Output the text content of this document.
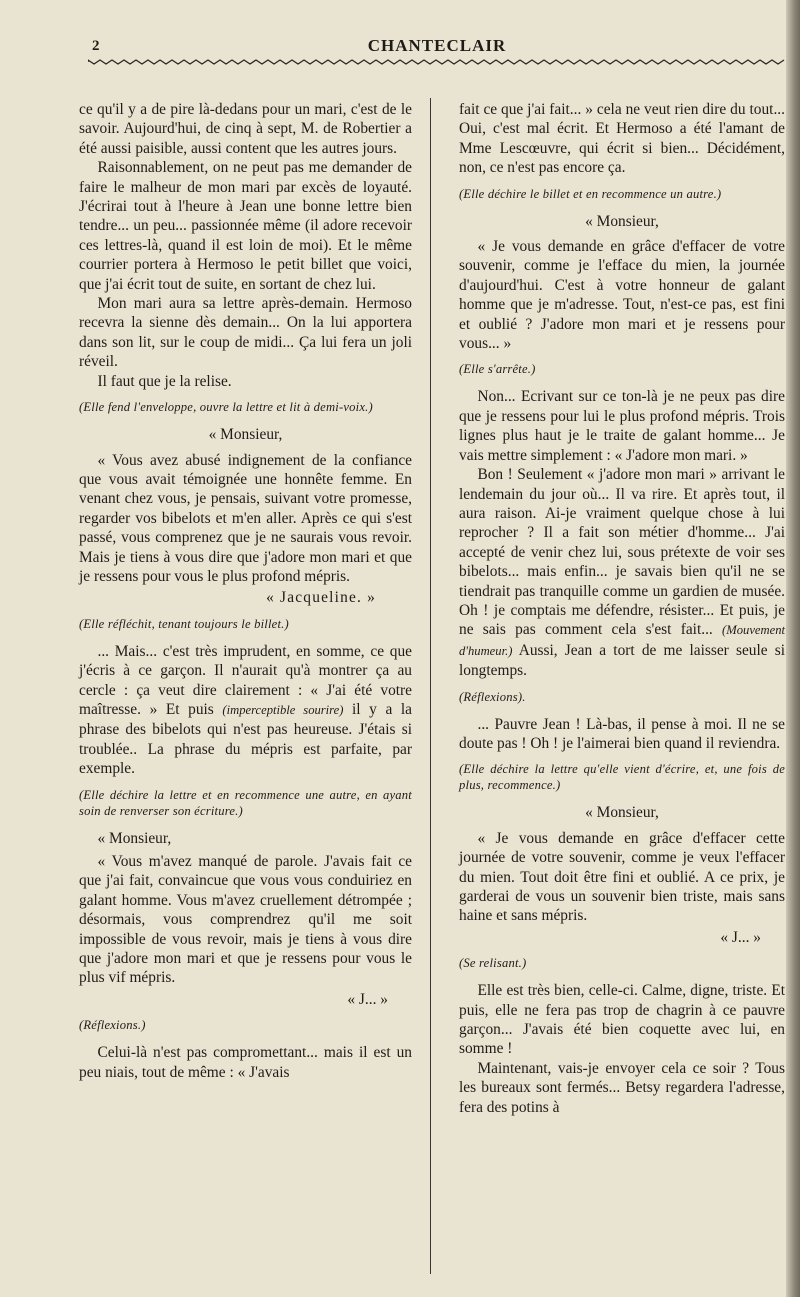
2	CHANTECLAIR

ce qu'il y a de pire là-dedans pour un mari, c'est de le savoir. Aujourd'hui, de cinq à sept, M. de Robertier a été aussi paisible, aussi content que les autres jours.

Raisonnablement, on ne peut pas me demander de faire le malheur de mon mari par excès de loyauté. J'écrirai tout à l'heure à Jean une bonne lettre bien tendre... un peu... passionnée même (il adore recevoir ces lettres-là, quand il est loin de moi). Et le même courrier portera à Hermoso le petit billet que voici, que j'ai écrit tout de suite, en sortant de chez lui.

Mon mari aura sa lettre après-demain. Hermoso recevra la sienne dès demain... On la lui apportera dans son lit, sur le coup de midi... Ça lui fera un joli réveil.

Il faut que je la relise.

(Elle fend l'enveloppe, ouvre la lettre et lit à demi-voix.)

« Monsieur,

« Vous avez abusé indignement de la confiance que vous avait témoignée une honnête femme. En venant chez vous, je pensais, suivant votre promesse, regarder vos bibelots et m'en aller. Après ce qui s'est passé, vous comprenez que je ne saurais vous revoir. Mais je tiens à vous dire que j'adore mon mari et que je ressens pour vous le plus profond mépris.

« Jacqueline. »

(Elle réfléchit, tenant toujours le billet.)

... Mais... c'est très imprudent, en somme, ce que j'écris à ce garçon. Il n'aurait qu'à montrer ça au cercle : ça veut dire clairement : « J'ai été votre maîtresse. » Et puis (imperceptible sourire) il y a la phrase des bibelots qui n'est pas heureuse. J'étais si troublée.. La phrase du mépris est parfaite, par exemple.

(Elle déchire la lettre et en recommence une autre, en ayant soin de renverser son écriture.)

« Monsieur,

« Vous m'avez manqué de parole. J'avais fait ce que j'ai fait, convaincue que vous vous conduiriez en galant homme. Vous m'avez cruellement détrompée ; désormais, vous comprendrez qu'il me soit impossible de vous revoir, mais je tiens à vous dire que j'adore mon mari et que je ressens pour vous le plus vif mépris.

« J... »

(Réflexions.)

Celui-là n'est pas compromettant... mais il est un peu niais, tout de même : « J'avais

fait ce que j'ai fait... » cela ne veut rien dire du tout... Oui, c'est mal écrit. Et Hermoso a été l'amant de Mme Lescœuvre, qui écrit si bien... Décidément, non, ce n'est pas encore ça.

(Elle déchire le billet et en recommence un autre.)

« Monsieur,

« Je vous demande en grâce d'effacer de votre souvenir, comme je l'efface du mien, la journée d'aujourd'hui. C'est à votre honneur de galant homme que je m'adresse. Tout, n'est-ce pas, est fini et oublié ? J'adore mon mari et je ressens pour vous... »

(Elle s'arrête.)

Non... Ecrivant sur ce ton-là je ne peux pas dire que je ressens pour lui le plus profond mépris. Trois lignes plus haut je le traite de galant homme... Je vais mettre simplement : « J'adore mon mari. »

Bon ! Seulement « j'adore mon mari » arrivant le lendemain du jour où... Il va rire. Et après tout, il aura raison. Ai-je vraiment quelque chose à lui reprocher ? Il a fait son métier d'homme... J'ai accepté de venir chez lui, sous prétexte de voir ses bibelots... mais enfin... je savais bien qu'il ne se tiendrait pas tranquille comme un gardien de musée. Oh ! je comptais me défendre, résister... Et puis, je ne sais pas comment cela s'est fait... (Mouvement d'humeur.) Aussi, Jean a tort de me laisser seule si longtemps.

(Réflexions).

... Pauvre Jean ! Là-bas, il pense à moi. Il ne se doute pas ! Oh ! je l'aimerai bien quand il reviendra.

(Elle déchire la lettre qu'elle vient d'écrire, et, une fois de plus, recommence.)

« Monsieur,

« Je vous demande en grâce d'effacer cette journée de votre souvenir, comme je veux l'effacer du mien. Tout doit être fini et oublié. A ce prix, je garderai de vous un souvenir bien triste, mais sans haine et sans mépris.

« J... »

(Se relisant.)

Elle est très bien, celle-ci. Calme, digne, triste. Et puis, elle ne fera pas trop de chagrin à ce pauvre garçon... J'avais été bien coquette avec lui, en somme !

Maintenant, vais-je envoyer cela ce soir ? Tous les bureaux sont fermés... Betsy regardera l'adresse, fera des potins à
